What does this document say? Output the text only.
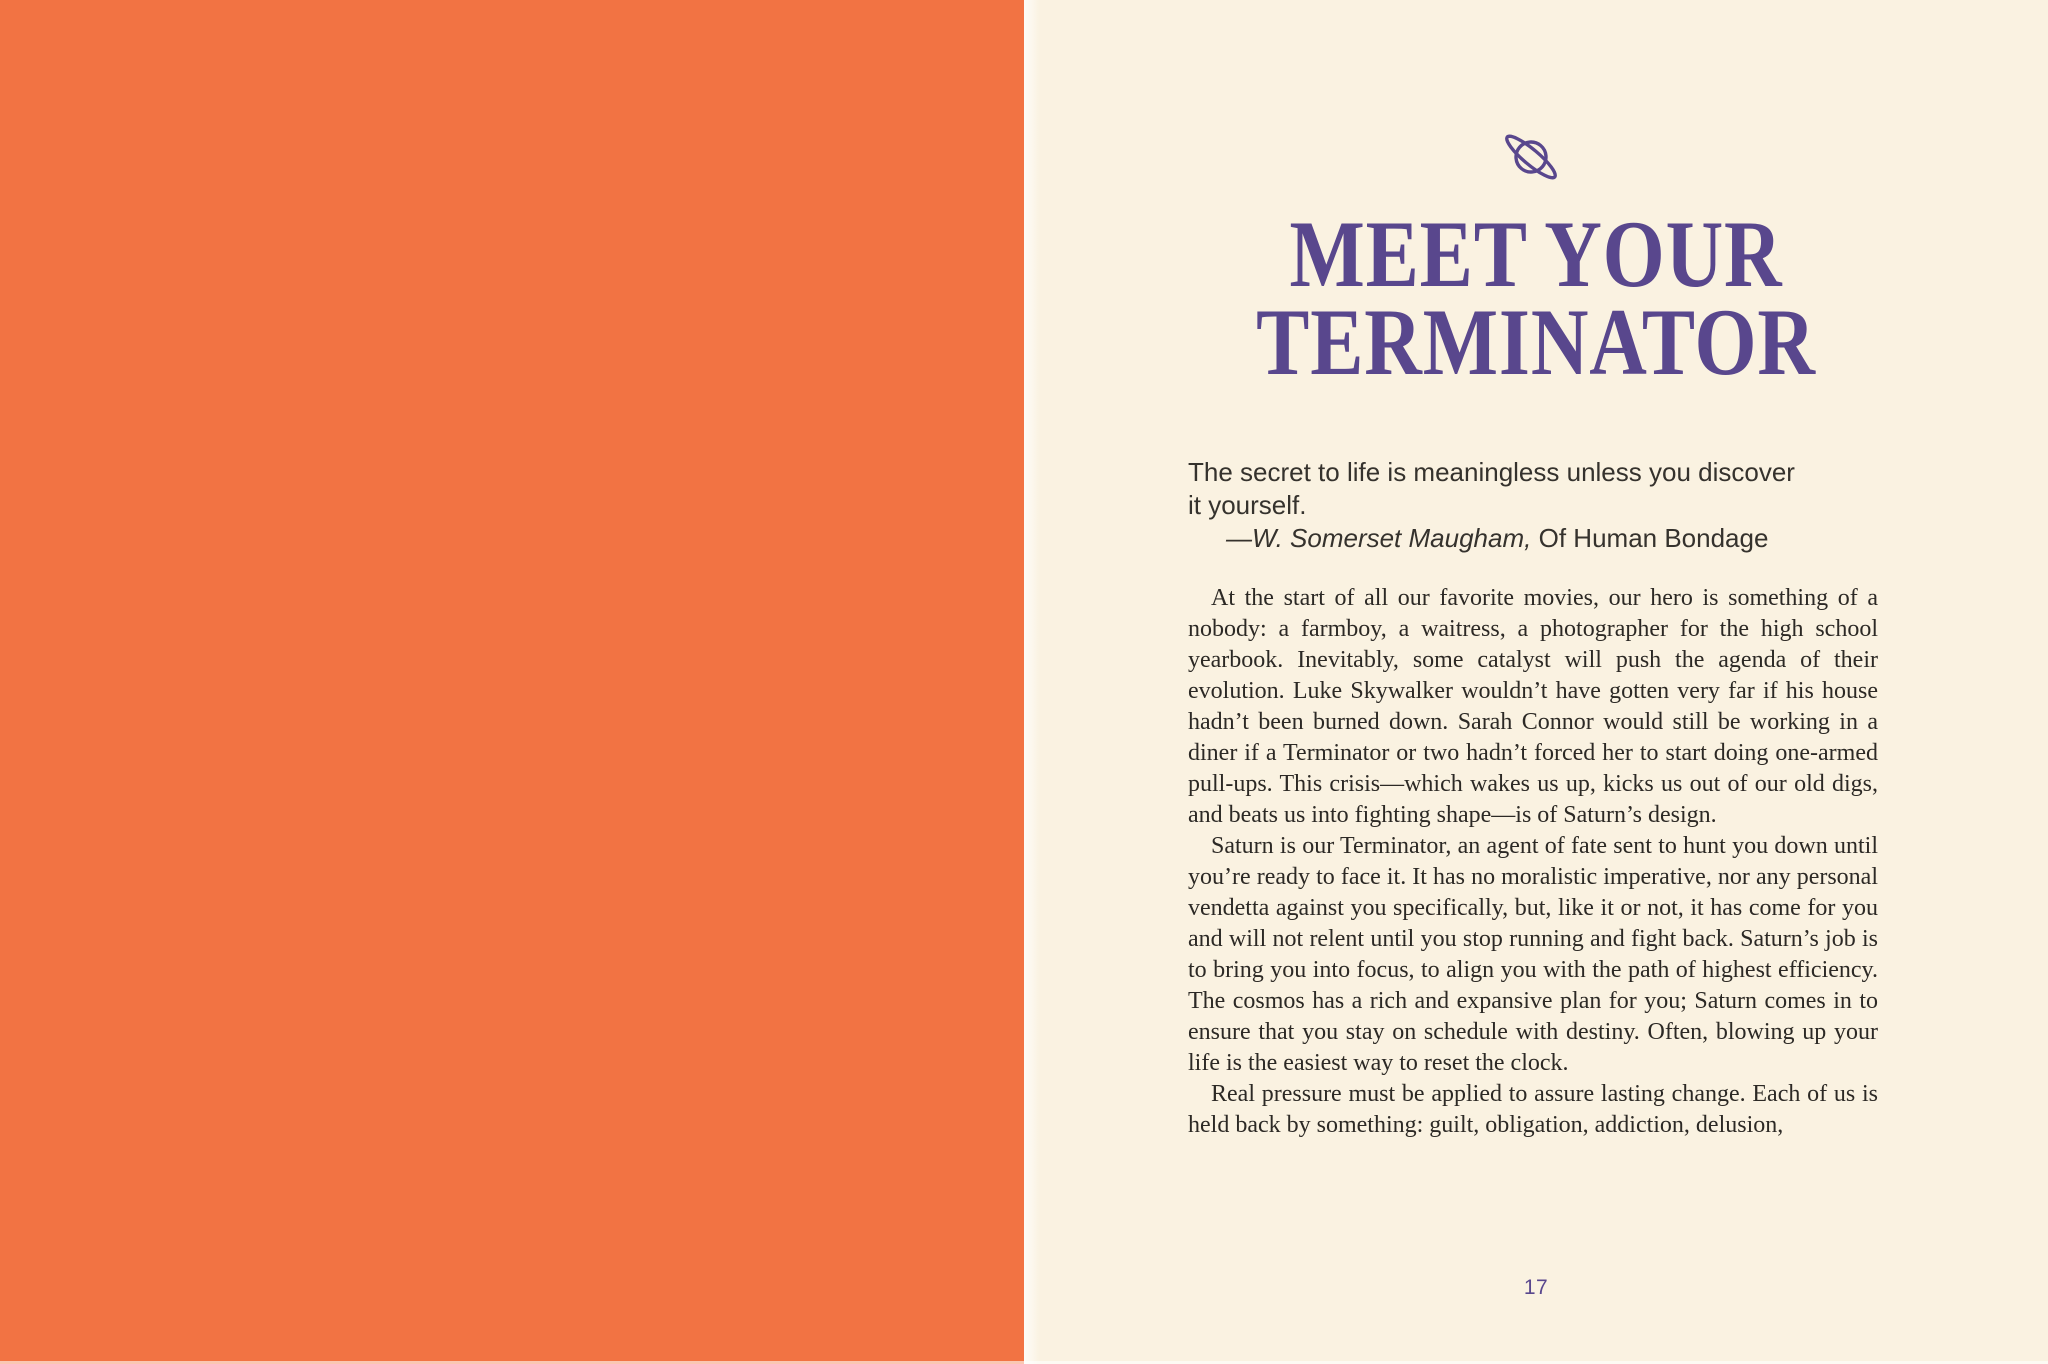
MEET YOUR
TERMINATOR
The secret to life is meaningless unless you discover
it yourself.
—W. Somerset Maugham, Of Human Bondage

At the start of all our favorite movies, our hero is something of a nobody: a farmboy, a waitress, a photographer for the high school yearbook. Inevitably, some catalyst will push the agenda of their evolution. Luke Skywalker wouldn’t have gotten very far if his house hadn’t been burned down. Sarah Connor would still be working in a diner if a Terminator or two hadn’t forced her to start doing one-armed pull-ups. This crisis—which wakes us up, kicks us out of our old digs, and beats us into fighting shape—is of Saturn’s design.

Saturn is our Terminator, an agent of fate sent to hunt you down until you’re ready to face it. It has no moralistic imperative, nor any personal vendetta against you specifically, but, like it or not, it has come for you and will not relent until you stop running and fight back. Saturn’s job is to bring you into focus, to align you with the path of highest efficiency. The cosmos has a rich and expansive plan for you; Saturn comes in to ensure that you stay on schedule with destiny. Often, blowing up your life is the easiest way to reset the clock.

Real pressure must be applied to assure lasting change. Each of us is held back by something: guilt, obligation, addiction, delusion,

17
